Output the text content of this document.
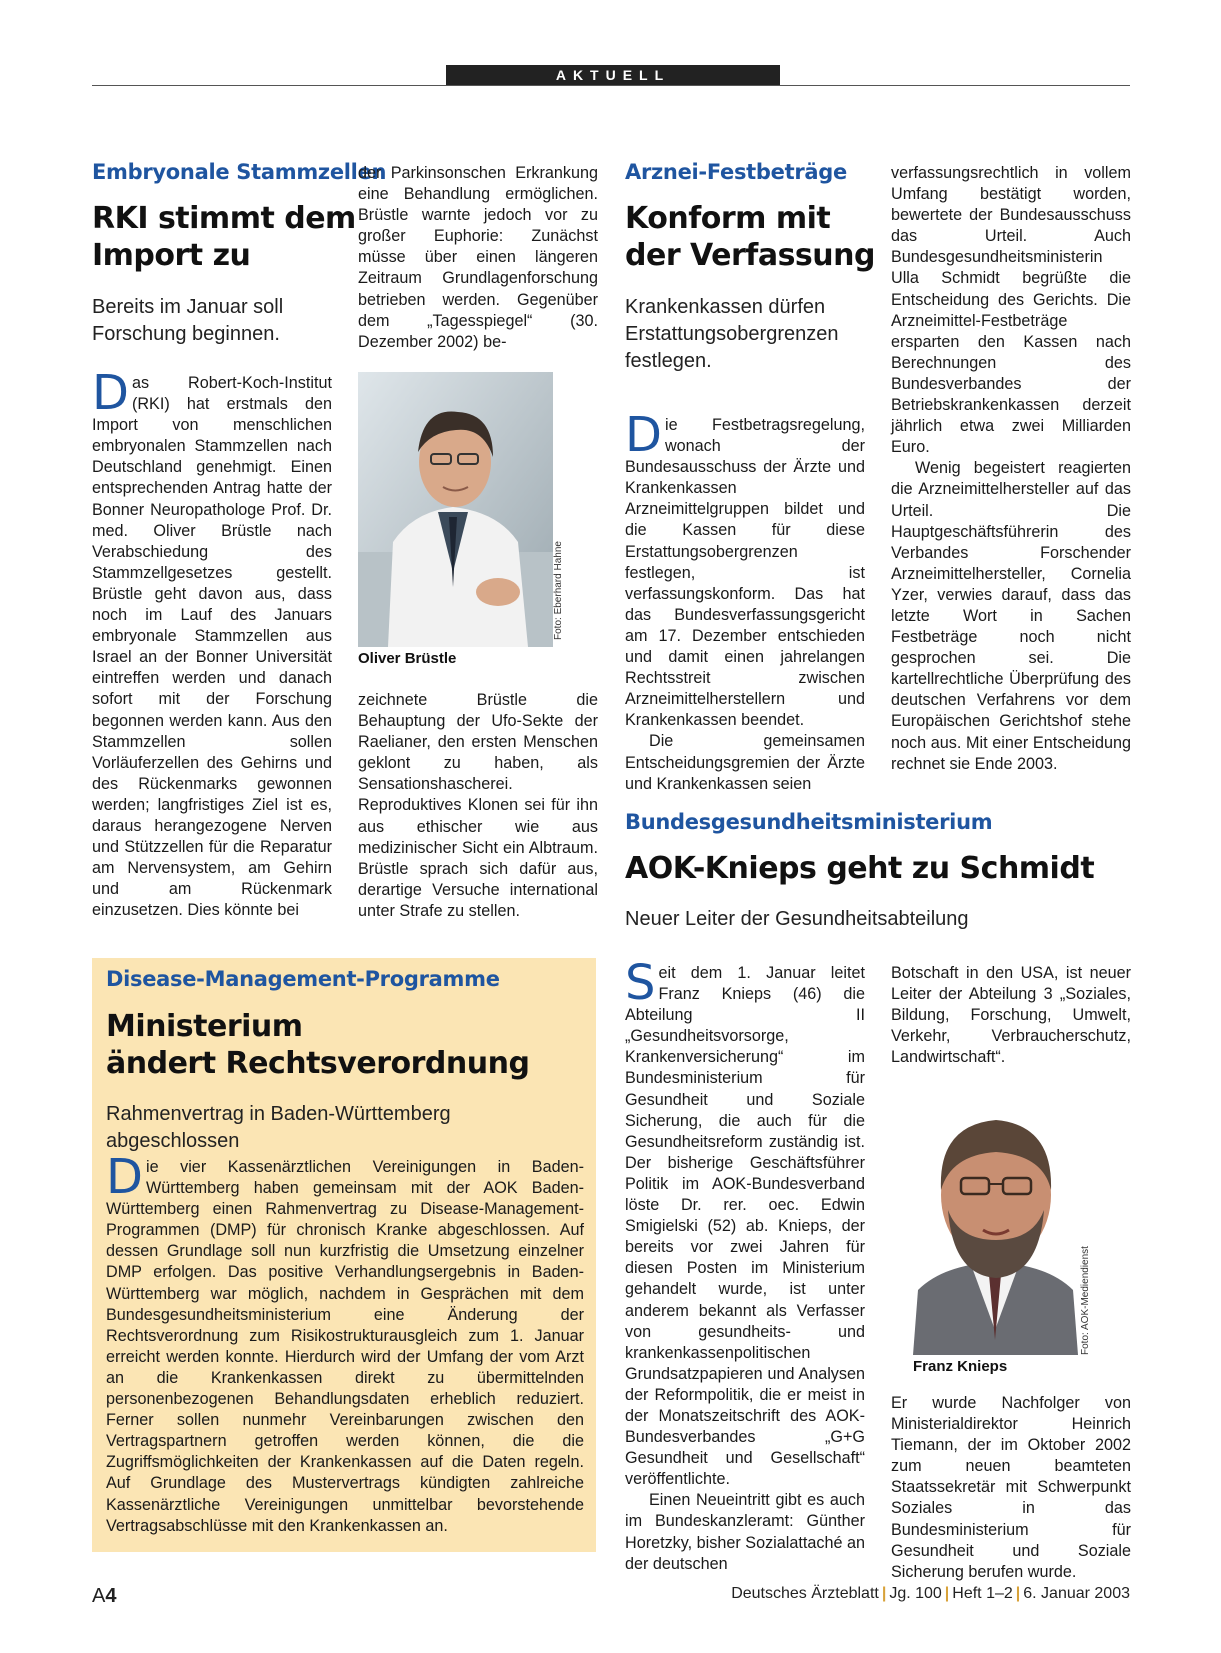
AKTUELL
Embryonale Stammzellen
RKI stimmt dem
Import zu
Bereits im Januar soll Forschung beginnen.

Das Robert-Koch-Institut (RKI) hat erstmals den Import von menschlichen embryonalen Stammzellen nach Deutschland genehmigt. Einen entsprechenden Antrag hatte der Bonner Neuropathologe Prof. Dr. med. Oliver Brüstle nach Verabschiedung des Stammzellgesetzes gestellt. Brüstle geht davon aus, dass noch im Lauf des Januars embryonale Stammzellen aus Israel an der Bonner Universität eintreffen werden und danach sofort mit der Forschung begonnen werden kann. Aus den Stammzellen sollen Vorläuferzellen des Gehirns und des Rückenmarks gewonnen werden; langfristiges Ziel ist es, daraus herangezogene Nerven und Stützzellen für die Reparatur am Nervensystem, am Gehirn und am Rückenmark einzusetzen. Dies könnte bei

der Parkinsonschen Erkrankung eine Behandlung ermöglichen. Brüstle warnte jedoch vor zu großer Euphorie: Zunächst müsse über einen längeren Zeitraum Grundlagenforschung betrieben werden. Gegenüber dem „Tagesspiegel“ (30. Dezember 2002) be-

Foto: Eberhard Hahne
Oliver Brüstle

zeichnete Brüstle die Behauptung der Ufo-Sekte der Raelianer, den ersten Menschen geklont zu haben, als Sensationshascherei. Reproduktives Klonen sei für ihn aus ethischer wie aus medizinischer Sicht ein Albtraum. Brüstle sprach sich dafür aus, derartige Versuche international unter Strafe zu stellen.

Arznei-Festbeträge
Konform mit
der Verfassung
Krankenkassen dürfen Erstattungsobergrenzen festlegen.

Die Festbetragsregelung, wonach der Bundesausschuss der Ärzte und Krankenkassen Arzneimittelgruppen bildet und die Kassen für diese Erstattungsobergrenzen festlegen, ist verfassungskonform. Das hat das Bundesverfassungsgericht am 17. Dezember entschieden und damit einen jahrelangen Rechtsstreit zwischen Arzneimittelherstellern und Krankenkassen beendet.

Die gemeinsamen Entscheidungsgremien der Ärzte und Krankenkassen seien

verfassungsrechtlich in vollem Umfang bestätigt worden, bewertete der Bundesausschuss das Urteil. Auch Bundesgesundheitsministerin Ulla Schmidt begrüßte die Entscheidung des Gerichts. Die Arzneimittel-Festbeträge ersparten den Kassen nach Berechnungen des Bundesverbandes der Betriebskrankenkassen derzeit jährlich etwa zwei Milliarden Euro.

Wenig begeistert reagierten die Arzneimittelhersteller auf das Urteil. Die Hauptgeschäftsführerin des Verbandes Forschender Arzneimittelhersteller, Cornelia Yzer, verwies darauf, dass das letzte Wort in Sachen Festbeträge noch nicht gesprochen sei. Die kartellrechtliche Überprüfung des deutschen Verfahrens vor dem Europäischen Gerichtshof stehe noch aus. Mit einer Entscheidung rechnet sie Ende 2003.

Bundesgesundheitsministerium
AOK-Knieps geht zu Schmidt
Neuer Leiter der Gesundheitsabteilung

Seit dem 1. Januar leitet Franz Knieps (46) die Abteilung II „Gesundheitsvorsorge, Krankenversicherung“ im Bundesministerium für Gesundheit und Soziale Sicherung, die auch für die Gesundheitsreform zuständig ist. Der bisherige Geschäftsführer Politik im AOK-Bundesverband löste Dr. rer. oec. Edwin Smigielski (52) ab. Knieps, der bereits vor zwei Jahren für diesen Posten im Ministerium gehandelt wurde, ist unter anderem bekannt als Verfasser von gesundheits- und krankenkassenpolitischen Grundsatzpapieren und Analysen der Reformpolitik, die er meist in der Monatszeitschrift des AOK-Bundesverbandes „G+G Gesundheit und Gesellschaft“ veröffentlichte.

Einen Neueintritt gibt es auch im Bundeskanzleramt: Günther Horetzky, bisher Sozialattaché an der deutschen

Botschaft in den USA, ist neuer Leiter der Abteilung 3 „Soziales, Bildung, Forschung, Umwelt, Verkehr, Verbraucherschutz, Landwirtschaft“.

Foto: AOK-Mediendienst
Franz Knieps

Er wurde Nachfolger von Ministerialdirektor Heinrich Tiemann, der im Oktober 2002 zum neuen beamteten Staatssekretär mit Schwerpunkt Soziales in das Bundesministerium für Gesundheit und Soziale Sicherung berufen wurde.

Disease-Management-Programme
Ministerium
ändert Rechtsverordnung
Rahmenvertrag in Baden-Württemberg abgeschlossen

Die vier Kassenärztlichen Vereinigungen in Baden-Württemberg haben gemeinsam mit der AOK Baden-Württemberg einen Rahmenvertrag zu Disease-Management-Programmen (DMP) für chronisch Kranke abgeschlossen. Auf dessen Grundlage soll nun kurzfristig die Umsetzung einzelner DMP erfolgen. Das positive Verhandlungsergebnis in Baden-Württemberg war möglich, nachdem in Gesprächen mit dem Bundesgesundheitsministerium eine Änderung der Rechtsverordnung zum Risikostrukturausgleich zum 1. Januar erreicht werden konnte. Hierdurch wird der Umfang der vom Arzt an die Krankenkassen direkt zu übermittelnden personenbezogenen Behandlungsdaten erheblich reduziert. Ferner sollen nunmehr Vereinbarungen zwischen den Vertragspartnern getroffen werden können, die die Zugriffsmöglichkeiten der Krankenkassen auf die Daten regeln. Auf Grundlage des Mustervertrags kündigten zahlreiche Kassenärztliche Vereinigungen unmittelbar bevorstehende Vertragsabschlüsse mit den Krankenkassen an.

A4	Deutsches Ärzteblatt | Jg. 100 | Heft 1–2 | 6. Januar 2003
